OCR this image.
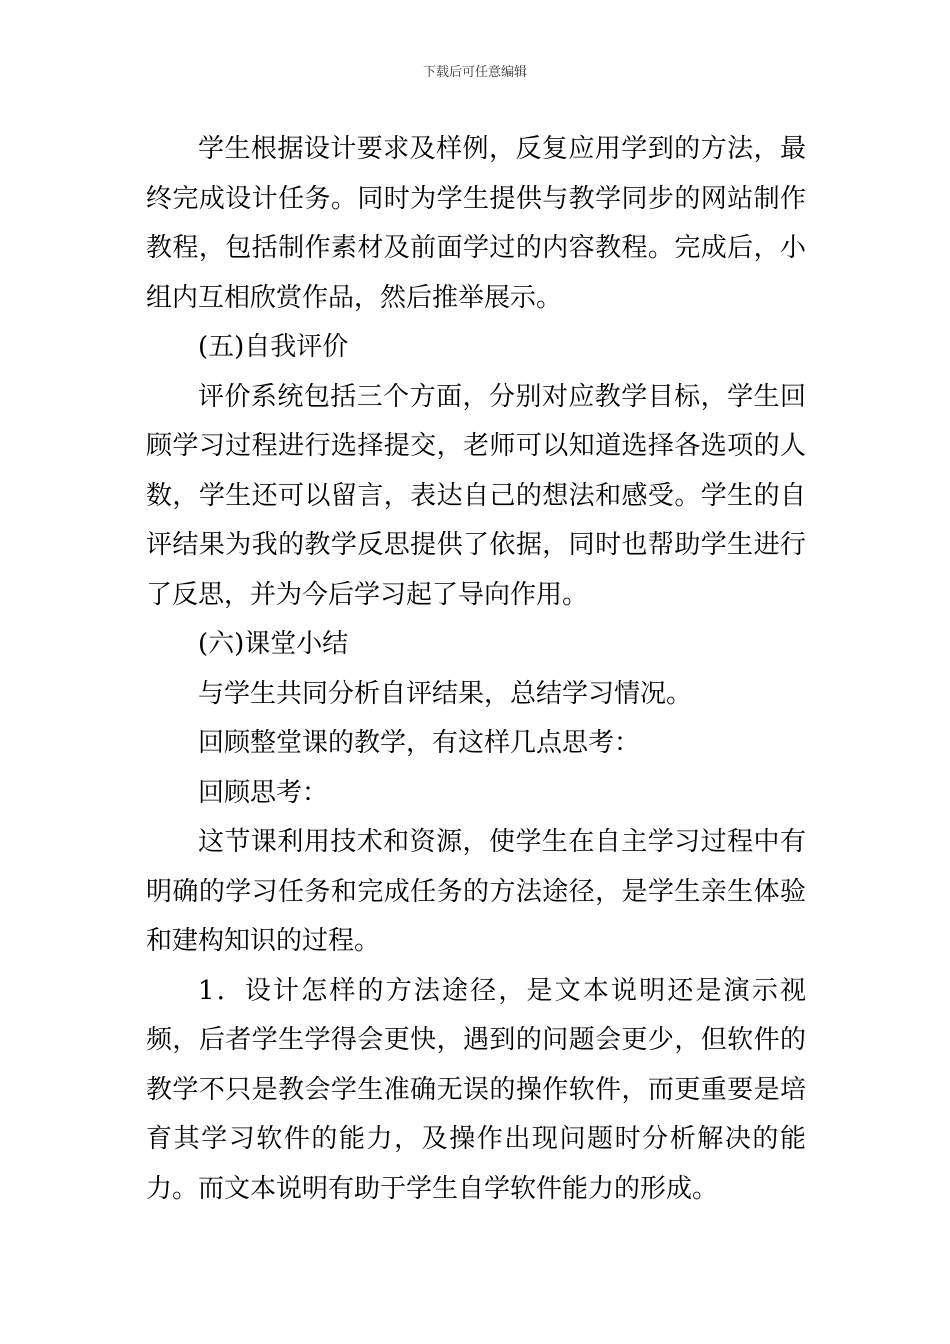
下载后可任意编辑

学生根据设计要求及样例，反复应用学到的方法，最终完成设计任务。同时为学生提供与教学同步的网站制作教程，包括制作素材及前面学过的内容教程。完成后，小组内互相欣赏作品，然后推举展示。

(五)自我评价

评价系统包括三个方面，分别对应教学目标，学生回顾学习过程进行选择提交，老师可以知道选择各选项的人数，学生还可以留言，表达自己的想法和感受。学生的自评结果为我的教学反思提供了依据，同时也帮助学生进行了反思，并为今后学习起了导向作用。

(六)课堂小结

与学生共同分析自评结果，总结学习情况。

回顾整堂课的教学，有这样几点思考：

回顾思考：

这节课利用技术和资源，使学生在自主学习过程中有明确的学习任务和完成任务的方法途径，是学生亲生体验和建构知识的过程。

1．设计怎样的方法途径，是文本说明还是演示视频，后者学生学得会更快，遇到的问题会更少，但软件的教学不只是教会学生准确无误的操作软件，而更重要是培育其学习软件的能力，及操作出现问题时分析解决的能力。而文本说明有助于学生自学软件能力的形成。
